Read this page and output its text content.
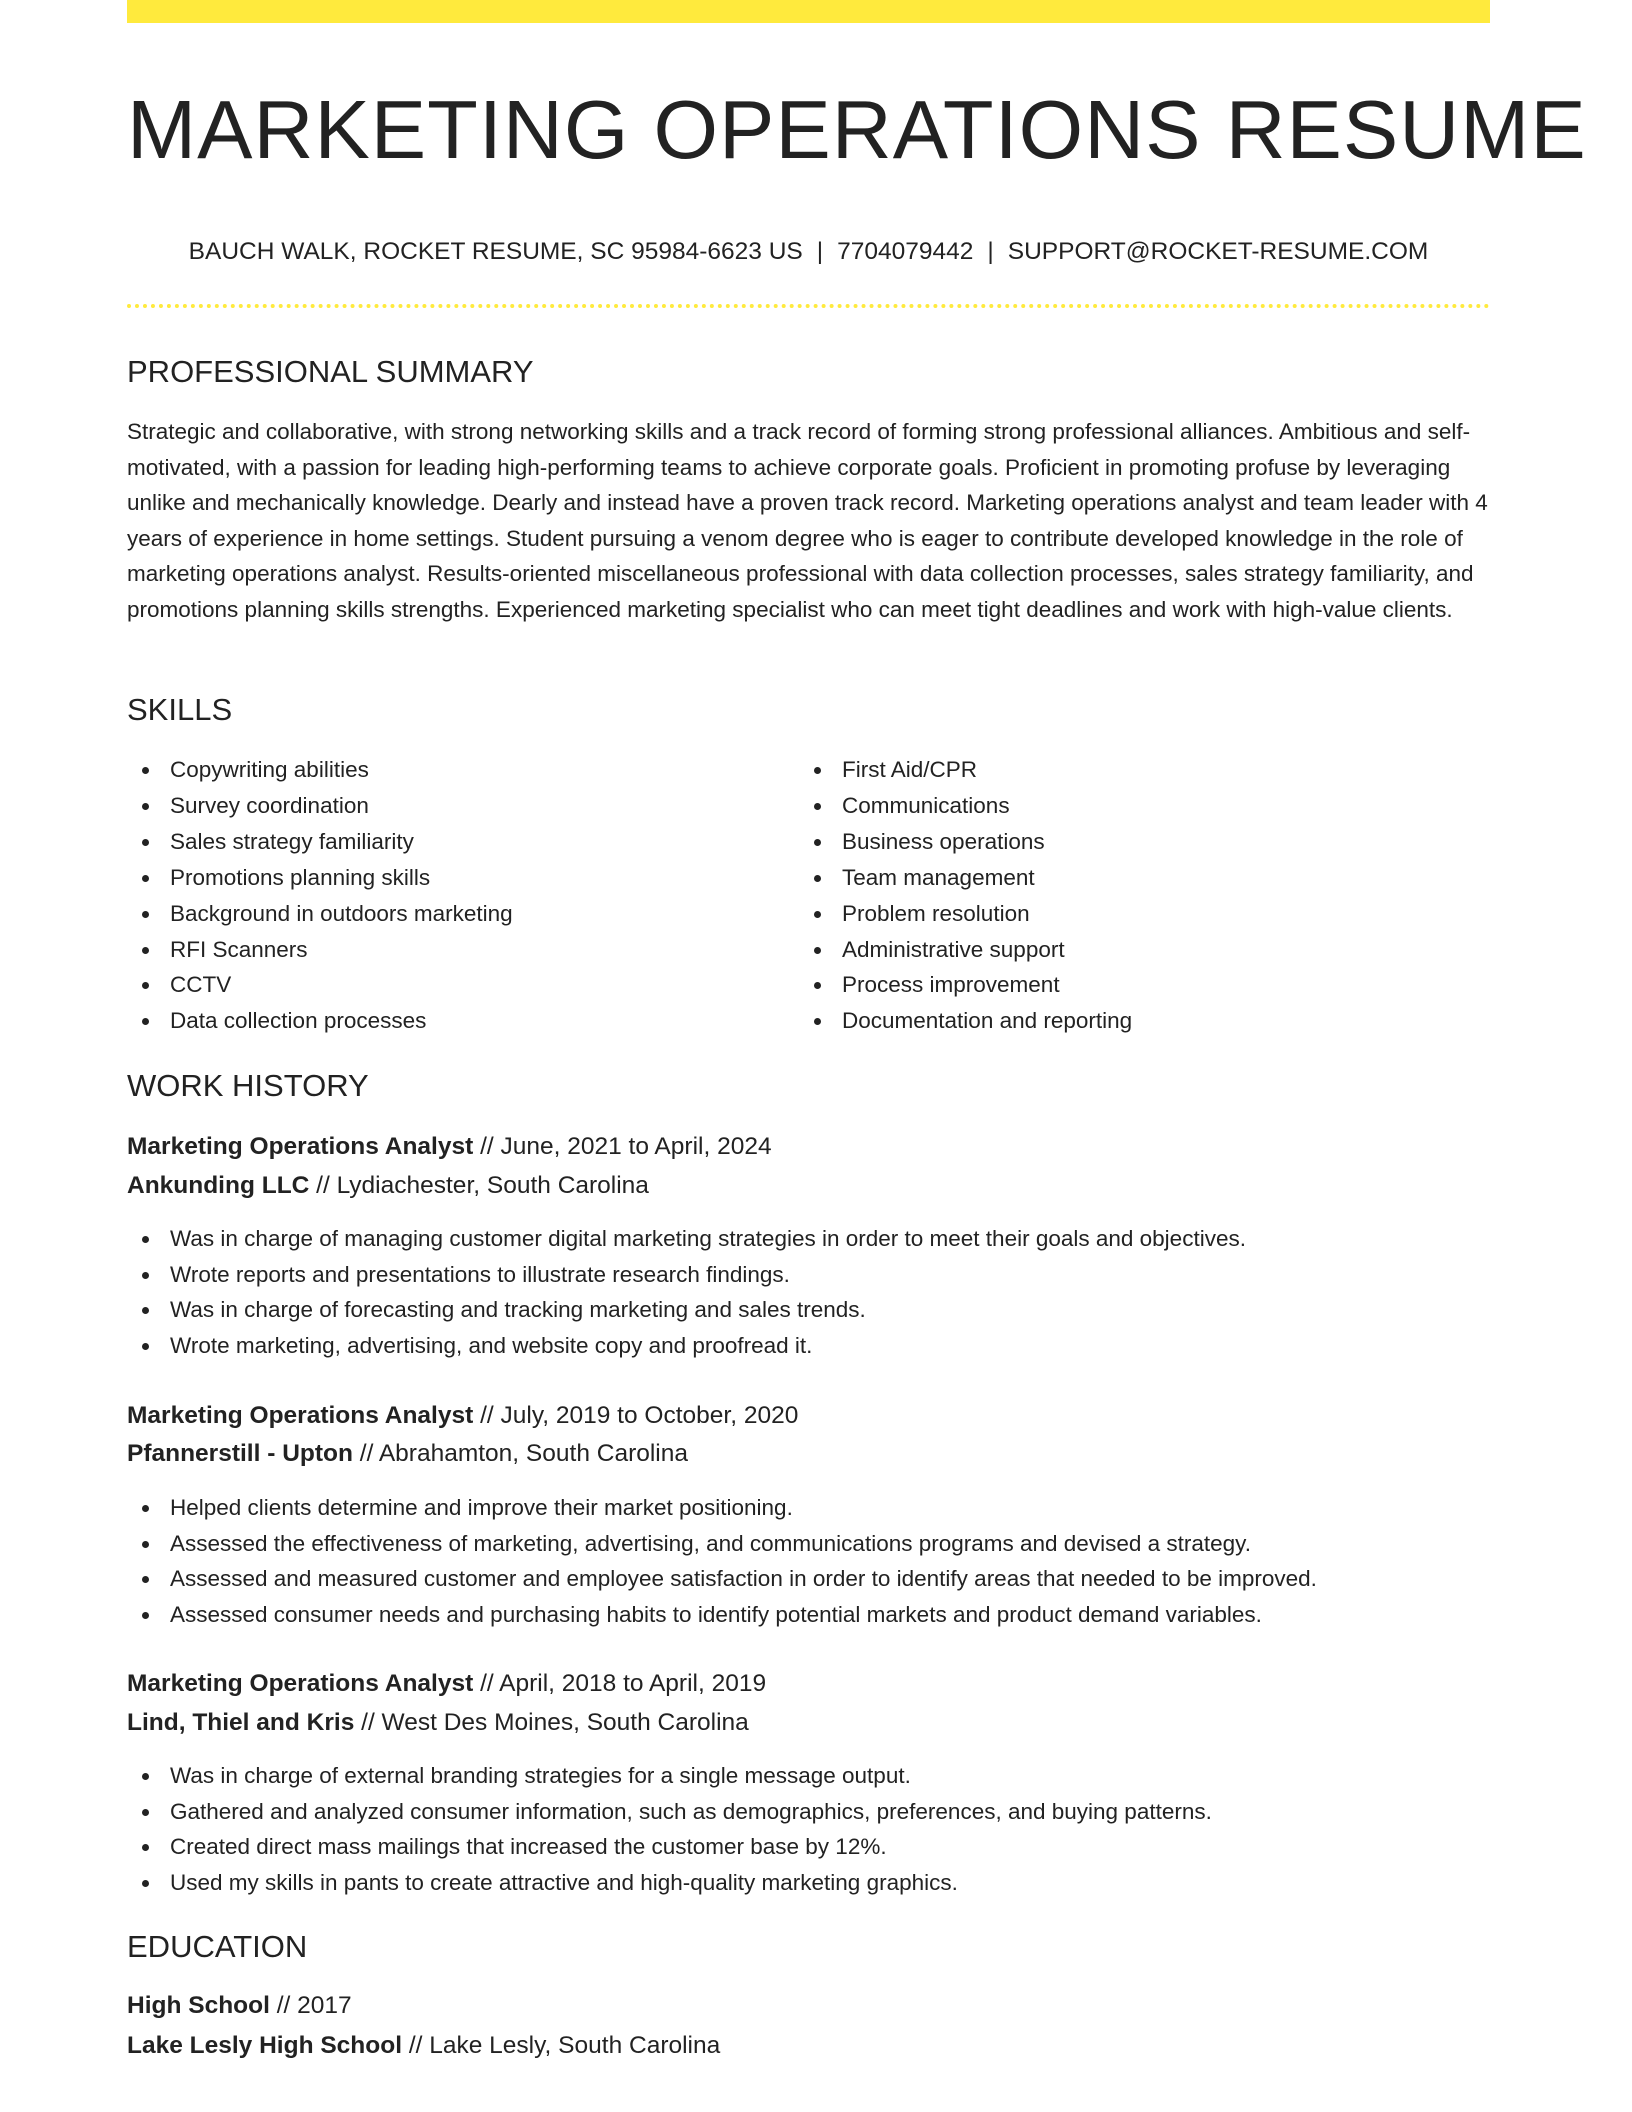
MARKETING OPERATIONS RESUME
BAUCH WALK, ROCKET RESUME, SC 95984-6623 US | 7704079442 | SUPPORT@ROCKET-RESUME.COM
PROFESSIONAL SUMMARY

Strategic and collaborative, with strong networking skills and a track record of forming strong professional alliances. Ambitious and self-motivated, with a passion for leading high-performing teams to achieve corporate goals. Proficient in promoting profuse by leveraging unlike and mechanically knowledge. Dearly and instead have a proven track record. Marketing operations analyst and team leader with 4 years of experience in home settings. Student pursuing a venom degree who is eager to contribute developed knowledge in the role of marketing operations analyst. Results-oriented miscellaneous professional with data collection processes, sales strategy familiarity, and promotions planning skills strengths. Experienced marketing specialist who can meet tight deadlines and work with high-value clients.

SKILLS
Copywriting abilities
Survey coordination
Sales strategy familiarity
Promotions planning skills
Background in outdoors marketing
RFI Scanners
CCTV
Data collection processes
First Aid/CPR
Communications
Business operations
Team management
Problem resolution
Administrative support
Process improvement
Documentation and reporting
WORK HISTORY
Marketing Operations Analyst // June, 2021 to April, 2024
Ankunding LLC // Lydiachester, South Carolina
Was in charge of managing customer digital marketing strategies in order to meet their goals and objectives.
Wrote reports and presentations to illustrate research findings.
Was in charge of forecasting and tracking marketing and sales trends.
Wrote marketing, advertising, and website copy and proofread it.
Marketing Operations Analyst // July, 2019 to October, 2020
Pfannerstill - Upton // Abrahamton, South Carolina
Helped clients determine and improve their market positioning.
Assessed the effectiveness of marketing, advertising, and communications programs and devised a strategy.
Assessed and measured customer and employee satisfaction in order to identify areas that needed to be improved.
Assessed consumer needs and purchasing habits to identify potential markets and product demand variables.
Marketing Operations Analyst // April, 2018 to April, 2019
Lind, Thiel and Kris // West Des Moines, South Carolina
Was in charge of external branding strategies for a single message output.
Gathered and analyzed consumer information, such as demographics, preferences, and buying patterns.
Created direct mass mailings that increased the customer base by 12%.
Used my skills in pants to create attractive and high-quality marketing graphics.
EDUCATION
High School // 2017
Lake Lesly High School // Lake Lesly, South Carolina
